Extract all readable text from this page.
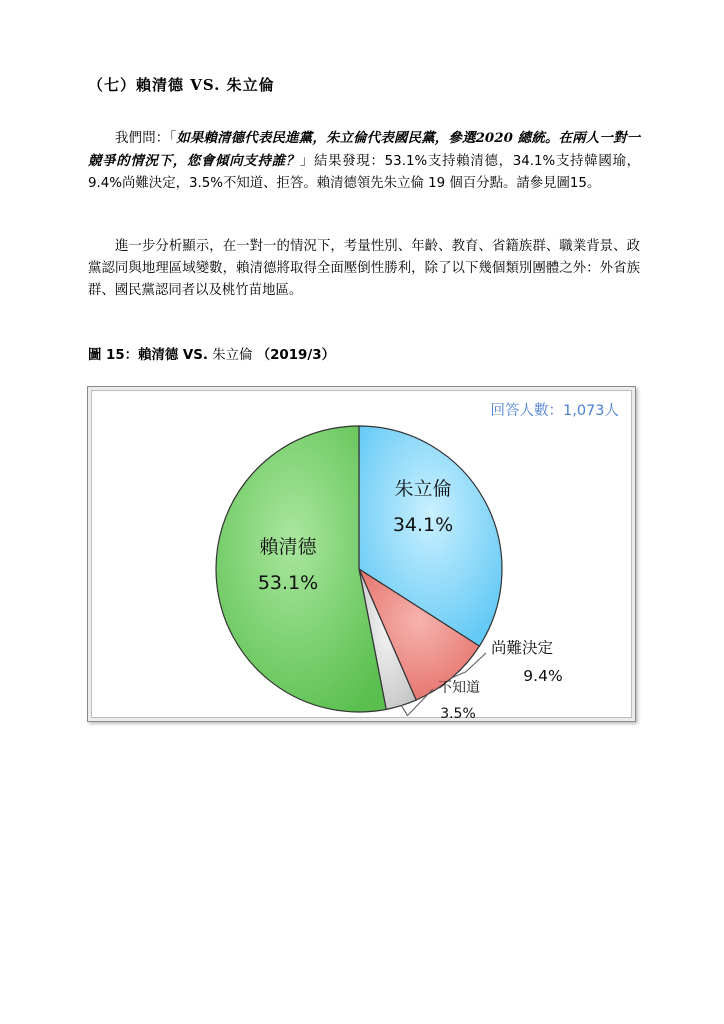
（七）賴清德 VS. 朱立倫
我們問：「如果賴清德代表民進黨，朱立倫代表國民黨，參選2020 總統。在兩人一對一競爭的情況下，您會傾向支持誰？」結果發現：53.1%支持賴清德，34.1%支持韓國瑜，9.4%尚難決定，3.5%不知道、拒答。賴清德領先朱立倫 19 個百分點。請參見圖15。
進一步分析顯示，在一對一的情況下，考量性別、年齡、教育、省籍族群、職業背景、政黨認同與地理區域變數，賴清德將取得全面壓倒性勝利，除了以下幾個類別團體之外：外省族群、國民黨認同者以及桃竹苗地區。
圖 15：賴清德 VS. 朱立倫 （2019/3）
朱立倫
34.1%
賴清德
53.1%
尚難決定
9.4%
不知道
3.5%
回答人數：1,073人
